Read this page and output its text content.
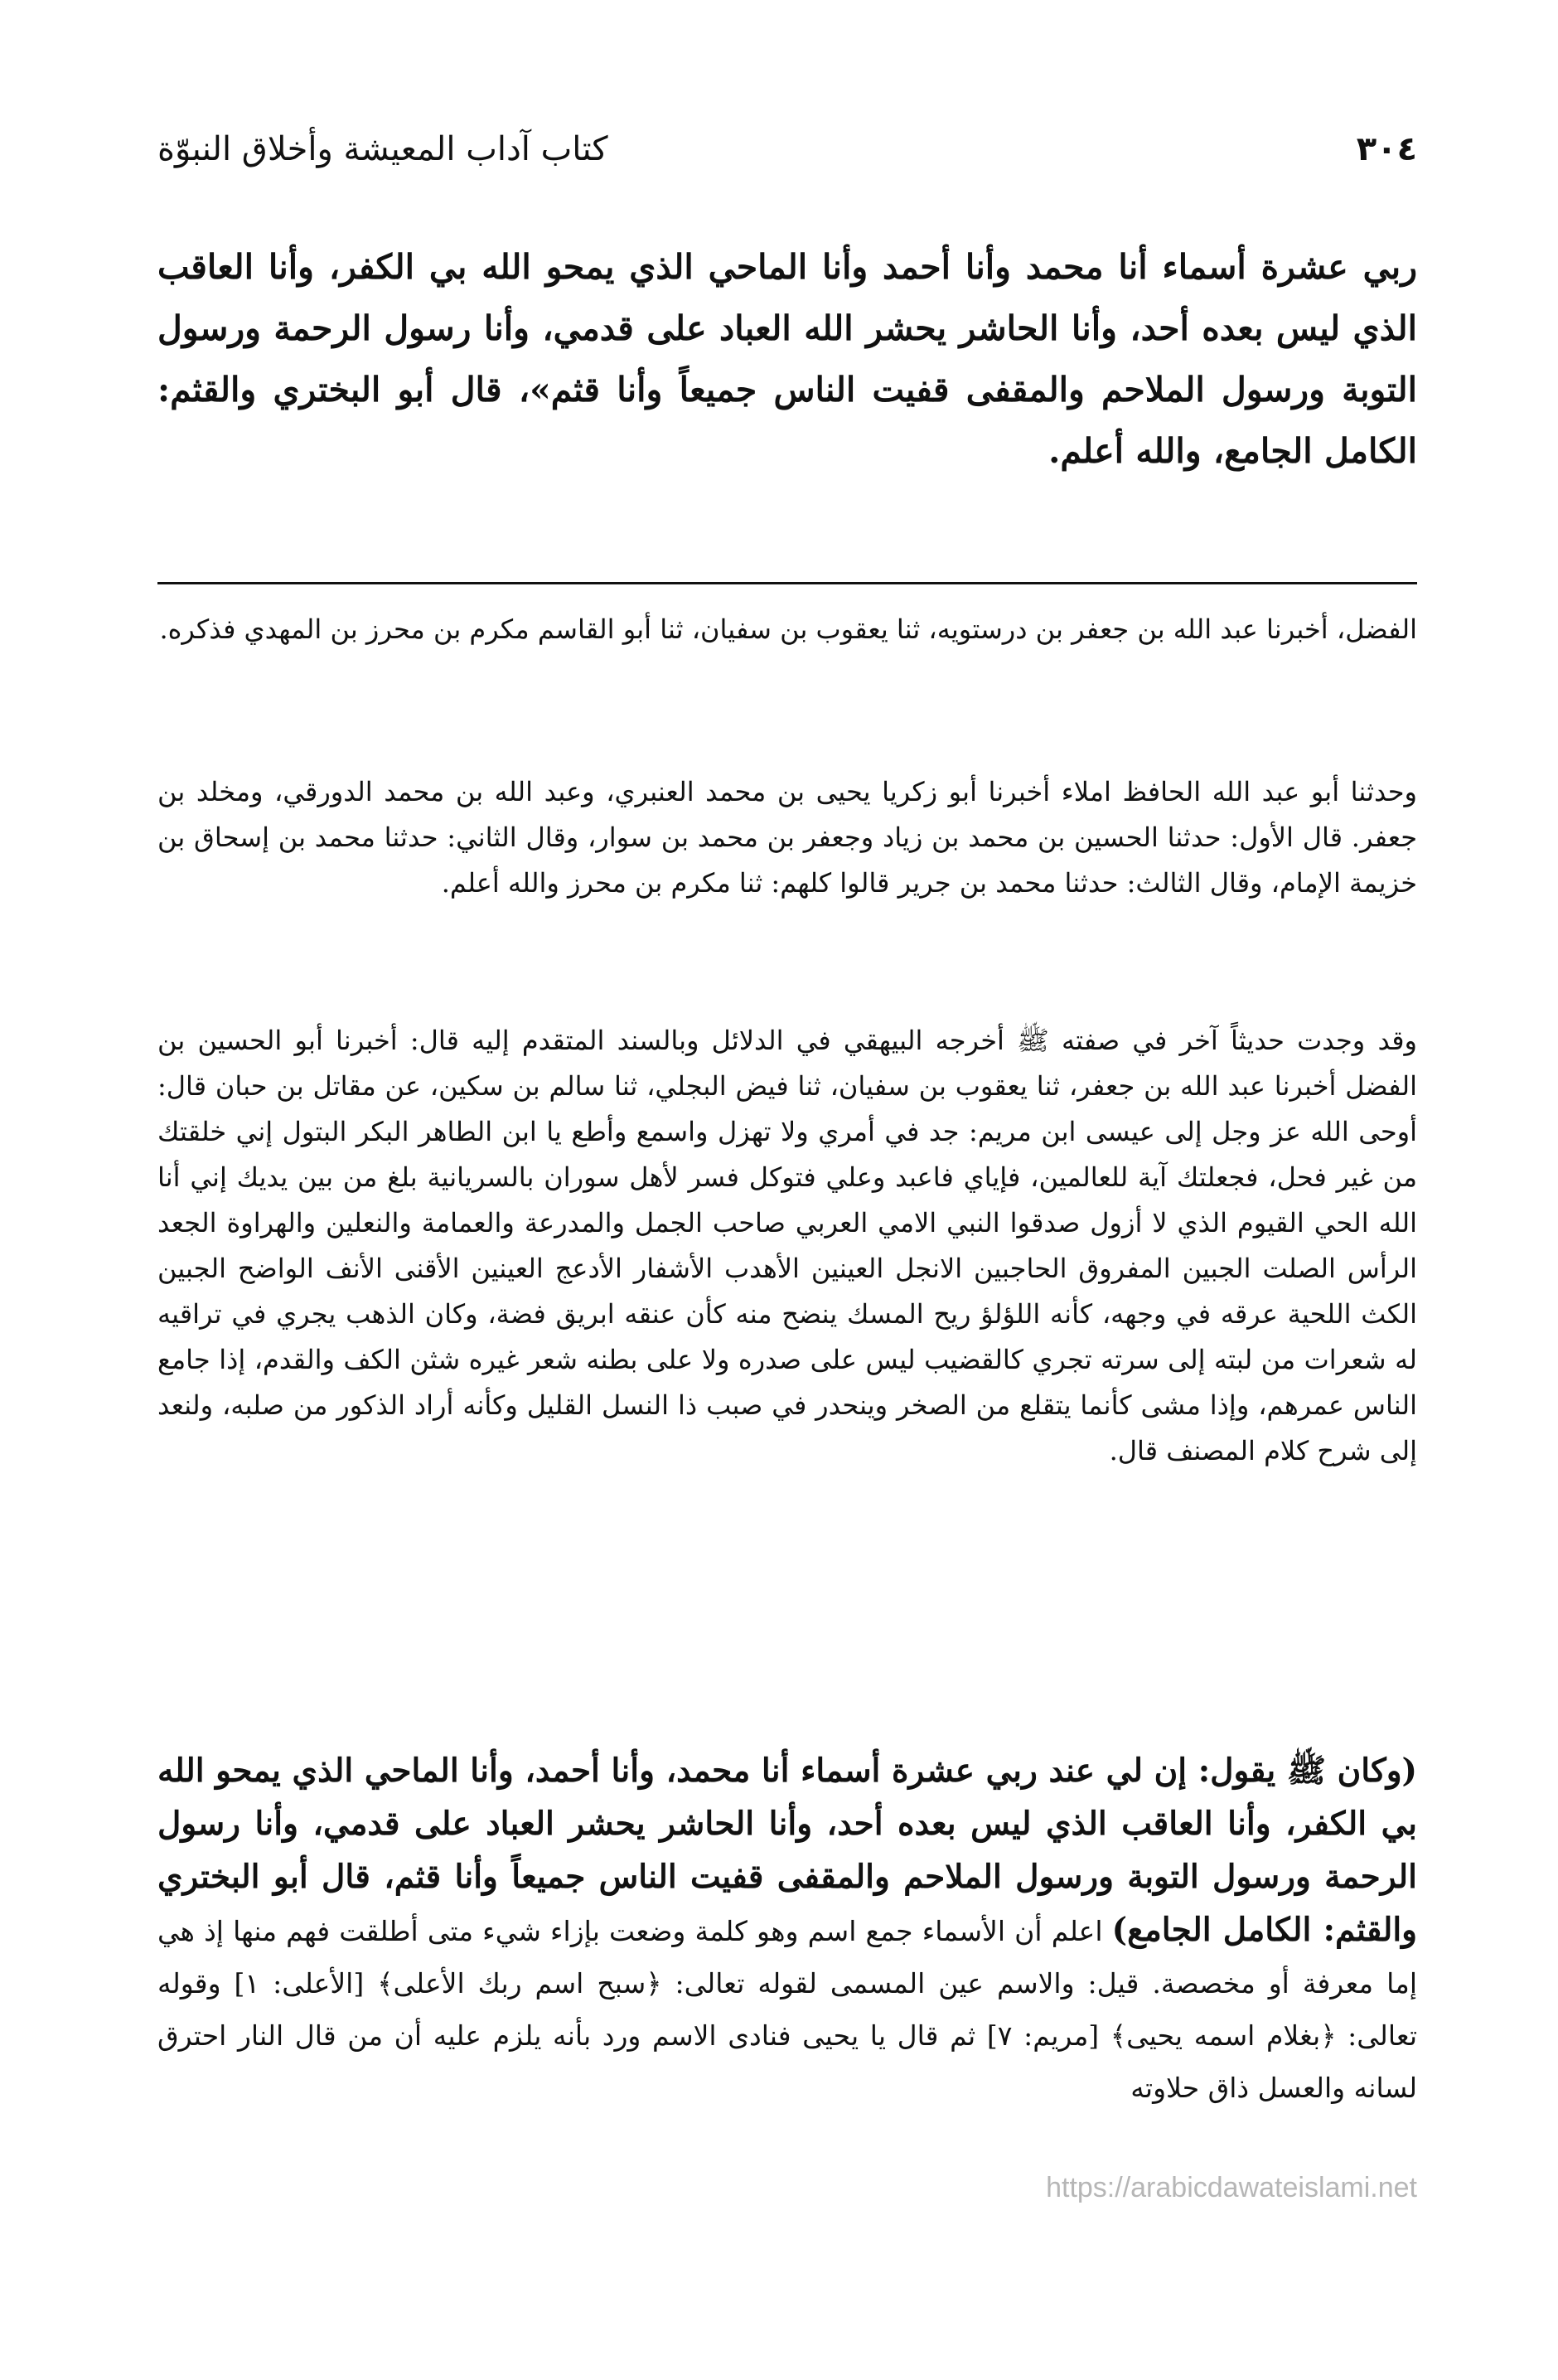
٣٠٤
كتاب آداب المعيشة وأخلاق النبوّة

ربي عشرة أسماء أنا محمد وأنا أحمد وأنا الماحي الذي يمحو الله بي الكفر، وأنا العاقب الذي ليس بعده أحد، وأنا الحاشر يحشر الله العباد على قدمي، وأنا رسول الرحمة ورسول التوبة ورسول الملاحم والمقفى قفيت الناس جميعاً وأنا قثم»، قال أبو البختري والقثم: الكامل الجامع، والله أعلم.

الفضل، أخبرنا عبد الله بن جعفر بن درستويه، ثنا يعقوب بن سفيان، ثنا أبو القاسم مكرم بن محرز بن المهدي فذكره.

وحدثنا أبو عبد الله الحافظ املاء أخبرنا أبو زكريا يحيى بن محمد العنبري، وعبد الله بن محمد الدورقي، ومخلد بن جعفر. قال الأول: حدثنا الحسين بن محمد بن زياد وجعفر بن محمد بن سوار، وقال الثاني: حدثنا محمد بن إسحاق بن خزيمة الإمام، وقال الثالث: حدثنا محمد بن جرير قالوا كلهم: ثنا مكرم بن محرز والله أعلم.

وقد وجدت حديثاً آخر في صفته ﷺ أخرجه البيهقي في الدلائل وبالسند المتقدم إليه قال: أخبرنا أبو الحسين بن الفضل أخبرنا عبد الله بن جعفر، ثنا يعقوب بن سفيان، ثنا فيض البجلي، ثنا سالم بن سكين، عن مقاتل بن حبان قال: أوحى الله عز وجل إلى عيسى ابن مريم: جد في أمري ولا تهزل واسمع وأطع يا ابن الطاهر البكر البتول إني خلقتك من غير فحل، فجعلتك آية للعالمين، فإياي فاعبد وعلي فتوكل فسر لأهل سوران بالسريانية بلغ من بين يديك إني أنا الله الحي القيوم الذي لا أزول صدقوا النبي الامي العربي صاحب الجمل والمدرعة والعمامة والنعلين والهراوة الجعد الرأس الصلت الجبين المفروق الحاجبين الانجل العينين الأهدب الأشفار الأدعج العينين الأقنى الأنف الواضح الجبين الكث اللحية عرقه في وجهه، كأنه اللؤلؤ ريح المسك ينضح منه كأن عنقه ابريق فضة، وكان الذهب يجري في تراقيه له شعرات من لبته إلى سرته تجري كالقضيب ليس على صدره ولا على بطنه شعر غيره شثن الكف والقدم، إذا جامع الناس عمرهم، وإذا مشى كأنما يتقلع من الصخر وينحدر في صبب ذا النسل القليل وكأنه أراد الذكور من صلبه، ولنعد إلى شرح كلام المصنف قال.

(وكان ﷺ يقول: إن لي عند ربي عشرة أسماء أنا محمد، وأنا أحمد، وأنا الماحي الذي يمحو الله بي الكفر، وأنا العاقب الذي ليس بعده أحد، وأنا الحاشر يحشر العباد على قدمي، وأنا رسول الرحمة ورسول التوبة ورسول الملاحم والمقفى قفيت الناس جميعاً وأنا قثم، قال أبو البختري والقثم: الكامل الجامع) اعلم أن الأسماء جمع اسم وهو كلمة وضعت بإزاء شيء متى أطلقت فهم منها إذ هي إما معرفة أو مخصصة. قيل: والاسم عين المسمى لقوله تعالى: ﴿سبح اسم ربك الأعلى﴾ [الأعلى: ١] وقوله تعالى: ﴿بغلام اسمه يحيى﴾ [مريم: ٧] ثم قال يا يحيى فنادى الاسم ورد بأنه يلزم عليه أن من قال النار احترق لسانه والعسل ذاق حلاوته

https://arabicdawateislami.net
